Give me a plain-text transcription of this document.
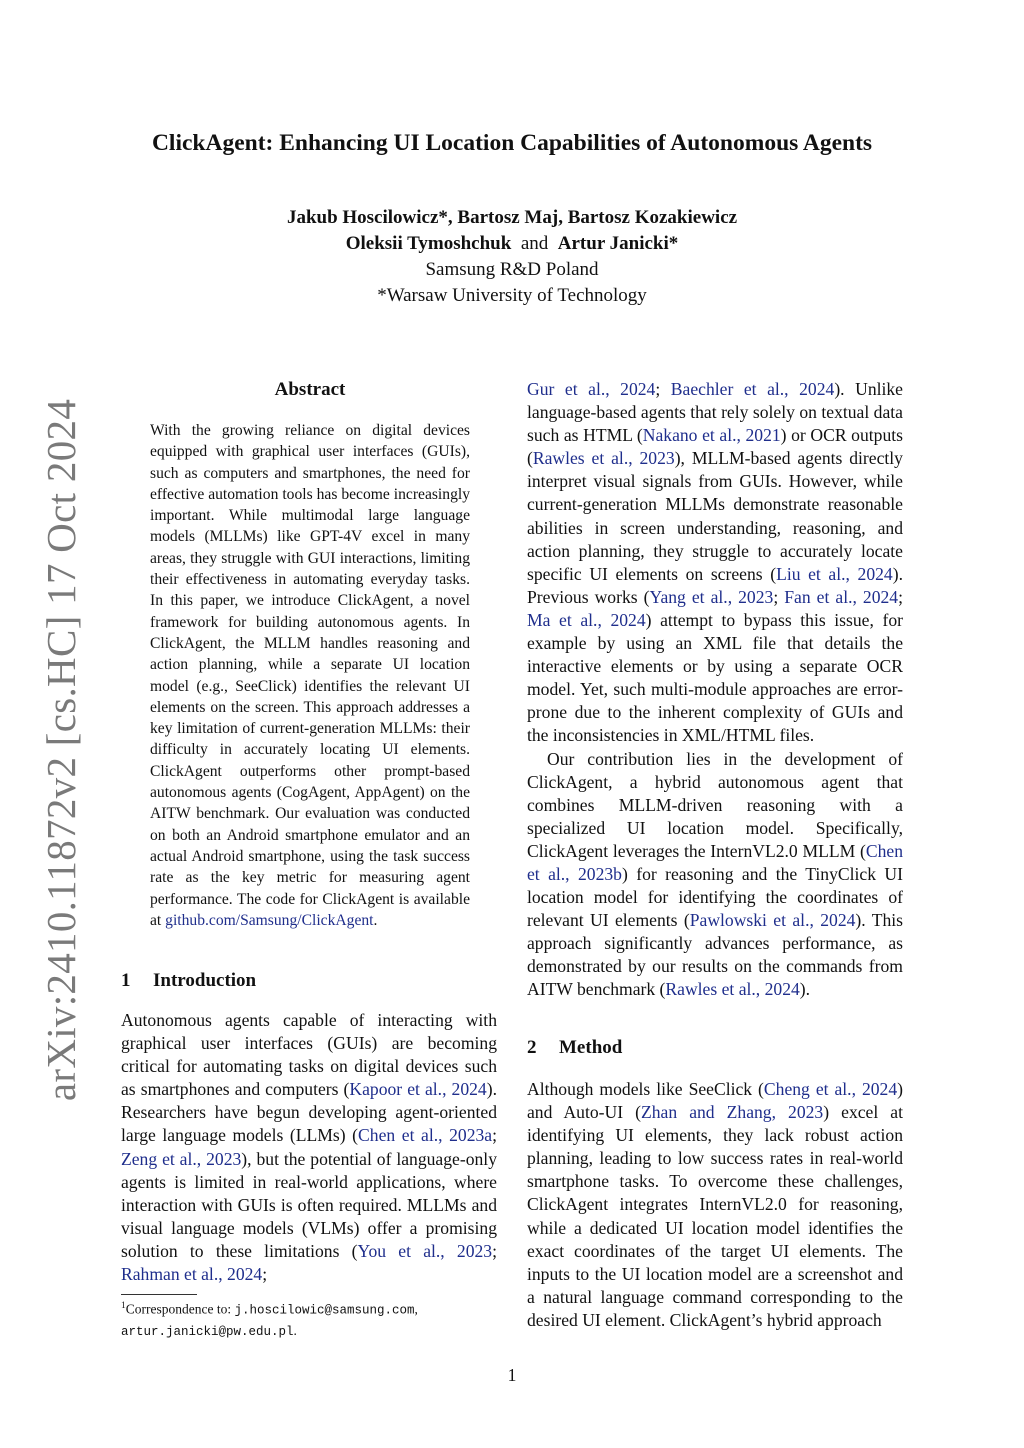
arXiv:2410.11872v2 [cs.HC] 17 Oct 2024
ClickAgent: Enhancing UI Location Capabilities of Autonomous Agents
Jakub Hoscilowicz*, Bartosz Maj, Bartosz Kozakiewicz
Oleksii Tymoshchuk and Artur Janicki*
Samsung R&D Poland
*Warsaw University of Technology
Abstract
With the growing reliance on digital devices equipped with graphical user interfaces (GUIs), such as computers and smartphones, the need for effective automation tools has become increasingly important. While multimodal large language models (MLLMs) like GPT-4V excel in many areas, they struggle with GUI interactions, limiting their effectiveness in automating everyday tasks. In this paper, we introduce ClickAgent, a novel framework for building autonomous agents. In ClickAgent, the MLLM handles reasoning and action planning, while a separate UI location model (e.g., SeeClick) identifies the relevant UI elements on the screen. This approach addresses a key limitation of current-generation MLLMs: their difficulty in accurately locating UI elements. ClickAgent outperforms other prompt-based autonomous agents (CogAgent, AppAgent) on the AITW benchmark. Our evaluation was conducted on both an Android smartphone emulator and an actual Android smartphone, using the task success rate as the key metric for measuring agent performance. The code for ClickAgent is available at github.com/Samsung/ClickAgent.
1 Introduction

Autonomous agents capable of interacting with graphical user interfaces (GUIs) are becoming critical for automating tasks on digital devices such as smartphones and computers (Kapoor et al., 2024). Researchers have begun developing agent-oriented large language models (LLMs) (Chen et al., 2023a; Zeng et al., 2023), but the potential of language-only agents is limited in real-world applications, where interaction with GUIs is often required. MLLMs and visual language models (VLMs) offer a promising solution to these limitations (You et al., 2023; Rahman et al., 2024;

$^1$Correspondence to: j.hoscilowic@samsung.com, artur.janicki@pw.edu.pl.

Gur et al., 2024; Baechler et al., 2024). Unlike language-based agents that rely solely on textual data such as HTML (Nakano et al., 2021) or OCR outputs (Rawles et al., 2023), MLLM-based agents directly interpret visual signals from GUIs. However, while current-generation MLLMs demonstrate reasonable abilities in screen understanding, reasoning, and action planning, they struggle to accurately locate specific UI elements on screens (Liu et al., 2024). Previous works (Yang et al., 2023; Fan et al., 2024; Ma et al., 2024) attempt to bypass this issue, for example by using an XML file that details the interactive elements or by using a separate OCR model. Yet, such multi-module approaches are error-prone due to the inherent complexity of GUIs and the inconsistencies in XML/HTML files.

Our contribution lies in the development of ClickAgent, a hybrid autonomous agent that combines MLLM-driven reasoning with a specialized UI location model. Specifically, ClickAgent leverages the InternVL2.0 MLLM (Chen et al., 2023b) for reasoning and the TinyClick UI location model for identifying the coordinates of relevant UI elements (Pawlowski et al., 2024). This approach significantly advances performance, as demonstrated by our results on the commands from AITW benchmark (Rawles et al., 2024).

2 Method

Although models like SeeClick (Cheng et al., 2024) and Auto-UI (Zhan and Zhang, 2023) excel at identifying UI elements, they lack robust action planning, leading to low success rates in real-world smartphone tasks. To overcome these challenges, ClickAgent integrates InternVL2.0 for reasoning, while a dedicated UI location model identifies the exact coordinates of the target UI elements. The inputs to the UI location model are a screenshot and a natural language command corresponding to the desired UI element. ClickAgent’s hybrid approach

1
